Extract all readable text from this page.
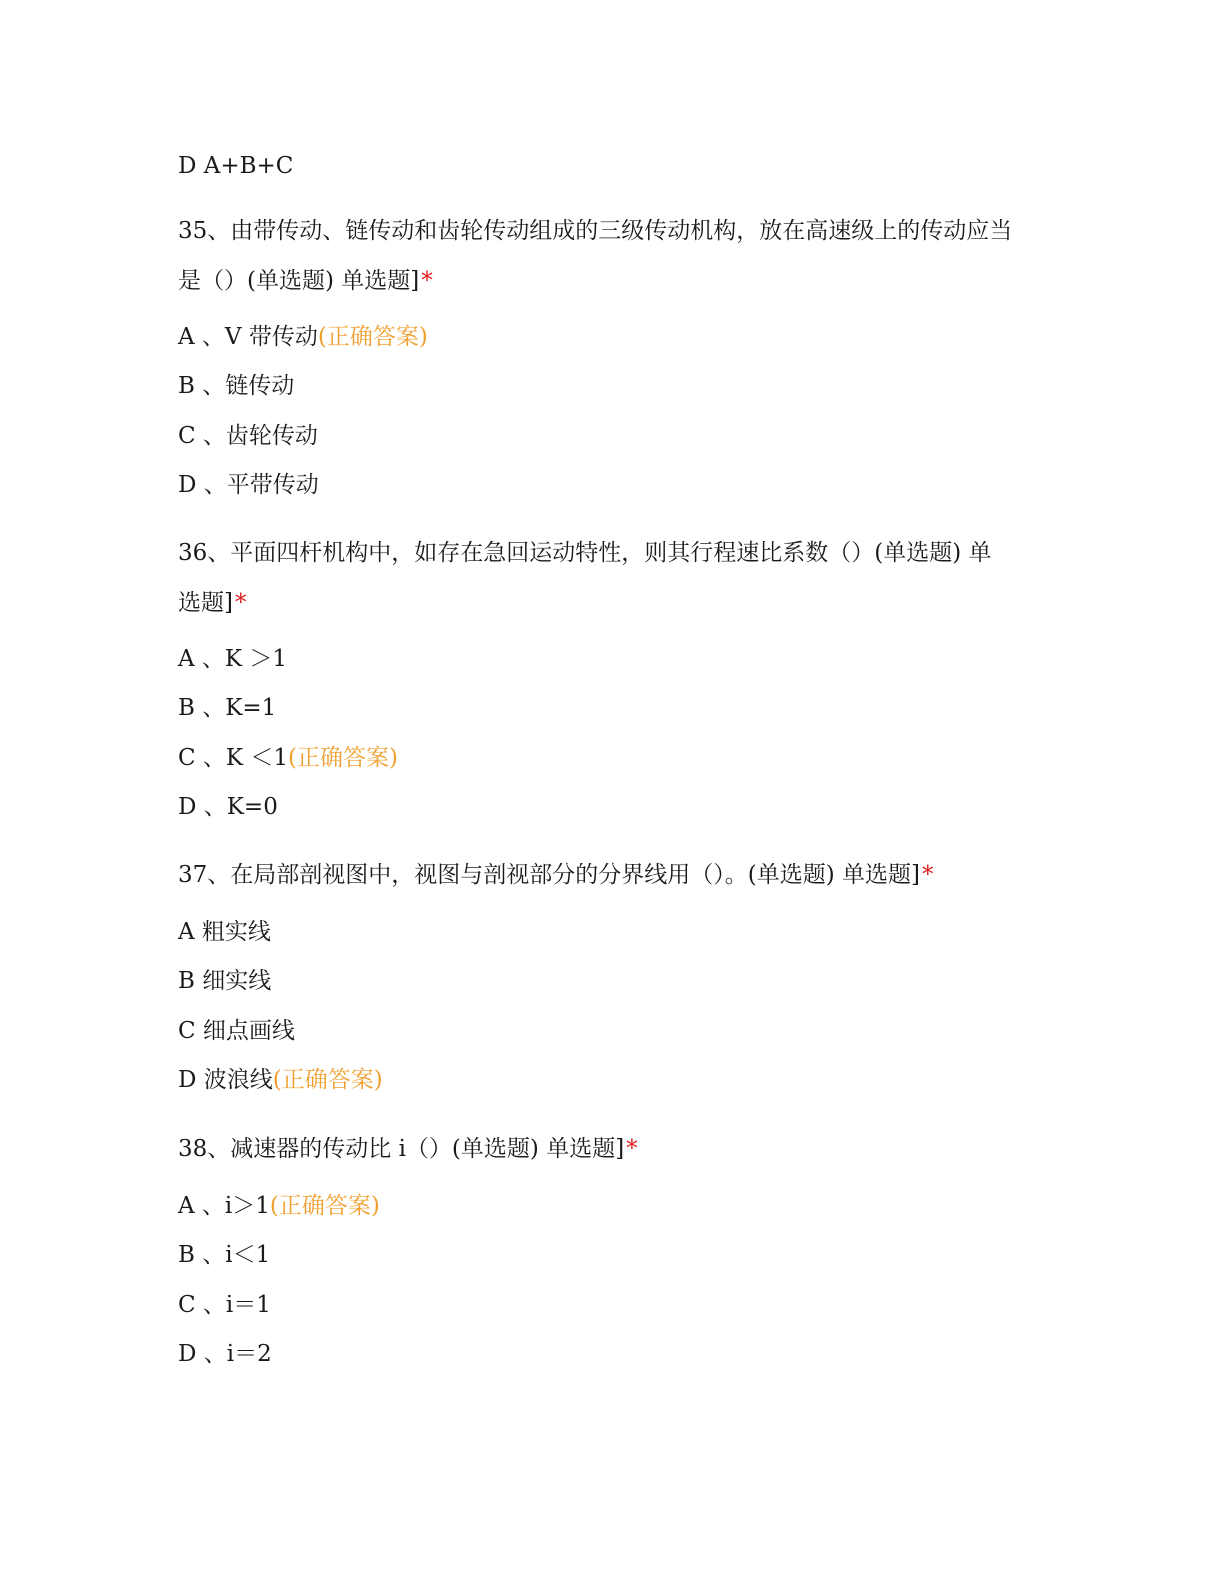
D A+B+C
35、由带传动、链传动和齿轮传动组成的三级传动机构，放在高速级上的传动应当
是（）(单选题) 单选题]*
A 、V 带传动(正确答案)
B 、链传动
C 、齿轮传动
D 、平带传动
36、平面四杆机构中，如存在急回运动特性，则其行程速比系数（）(单选题) 单
选题]*
A 、K ＞1
B 、K=1
C 、K ＜1(正确答案)
D 、K=0
37、在局部剖视图中，视图与剖视部分的分界线用（）。(单选题) 单选题]*
A 粗实线
B 细实线
C 细点画线
D 波浪线(正确答案)
38、减速器的传动比 i（）(单选题) 单选题]*
A 、i＞1(正确答案)
B 、i＜1
C 、i＝1
D 、i＝2
